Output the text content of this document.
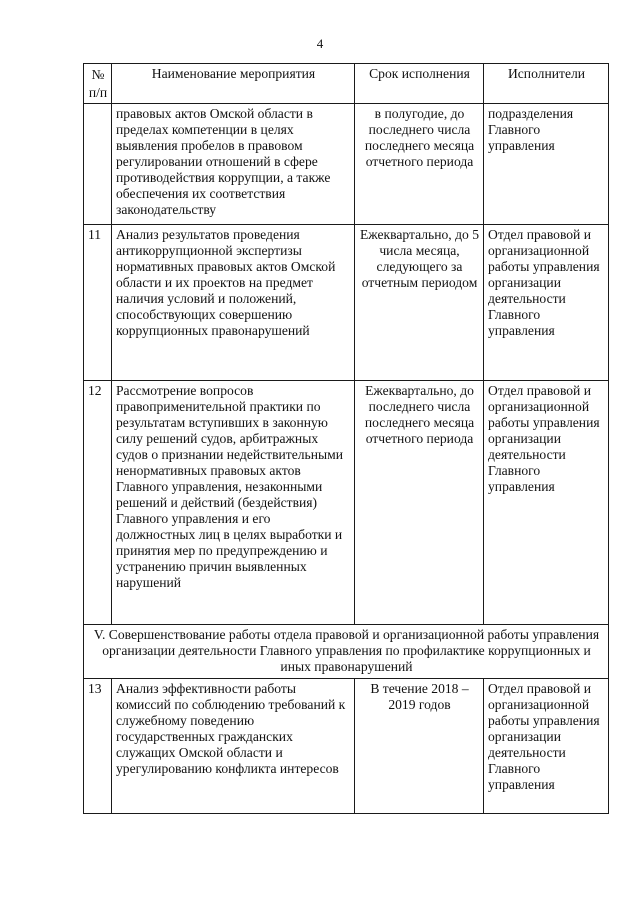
4
№ п/п	Наименование мероприятия	Срок исполнения	Исполнители
	правовых актов Омской области в пределах компетенции в целях выявления пробелов в правовом регулировании отношений в сфере противодействия коррупции, а также обеспечения их соответствия законодательству	в полугодие, до последнего числа последнего месяца отчетного периода	подразделения Главного управления
11	Анализ результатов проведения антикоррупционной экспертизы нормативных правовых актов Омской области и их проектов на предмет наличия условий и положений, способствующих совершению коррупционных правонарушений	Ежеквартально, до 5 числа месяца, следующего за отчетным периодом	Отдел правовой и организационной работы управления организации деятельности Главного управления
12	Рассмотрение вопросов правоприменительной практики по результатам вступивших в законную силу решений судов, арбитражных судов о признании недействительными ненормативных правовых актов Главного управления, незаконными решений и действий (бездействия) Главного управления и его должностных лиц в целях выработки и принятия мер по предупреждению и устранению причин выявленных нарушений	Ежеквартально, до последнего числа последнего месяца отчетного периода	Отдел правовой и организационной работы управления организации деятельности Главного управления
V. Совершенствование работы отдела правовой и организационной работы управления организации деятельности Главного управления по профилактике коррупционных и иных правонарушений			
13	Анализ эффективности работы комиссий по соблюдению требований к служебному поведению государственных гражданских служащих Омской области и урегулированию конфликта интересов	В течение 2018 – 2019 годов	Отдел правовой и организационной работы управления организации деятельности Главного управления
